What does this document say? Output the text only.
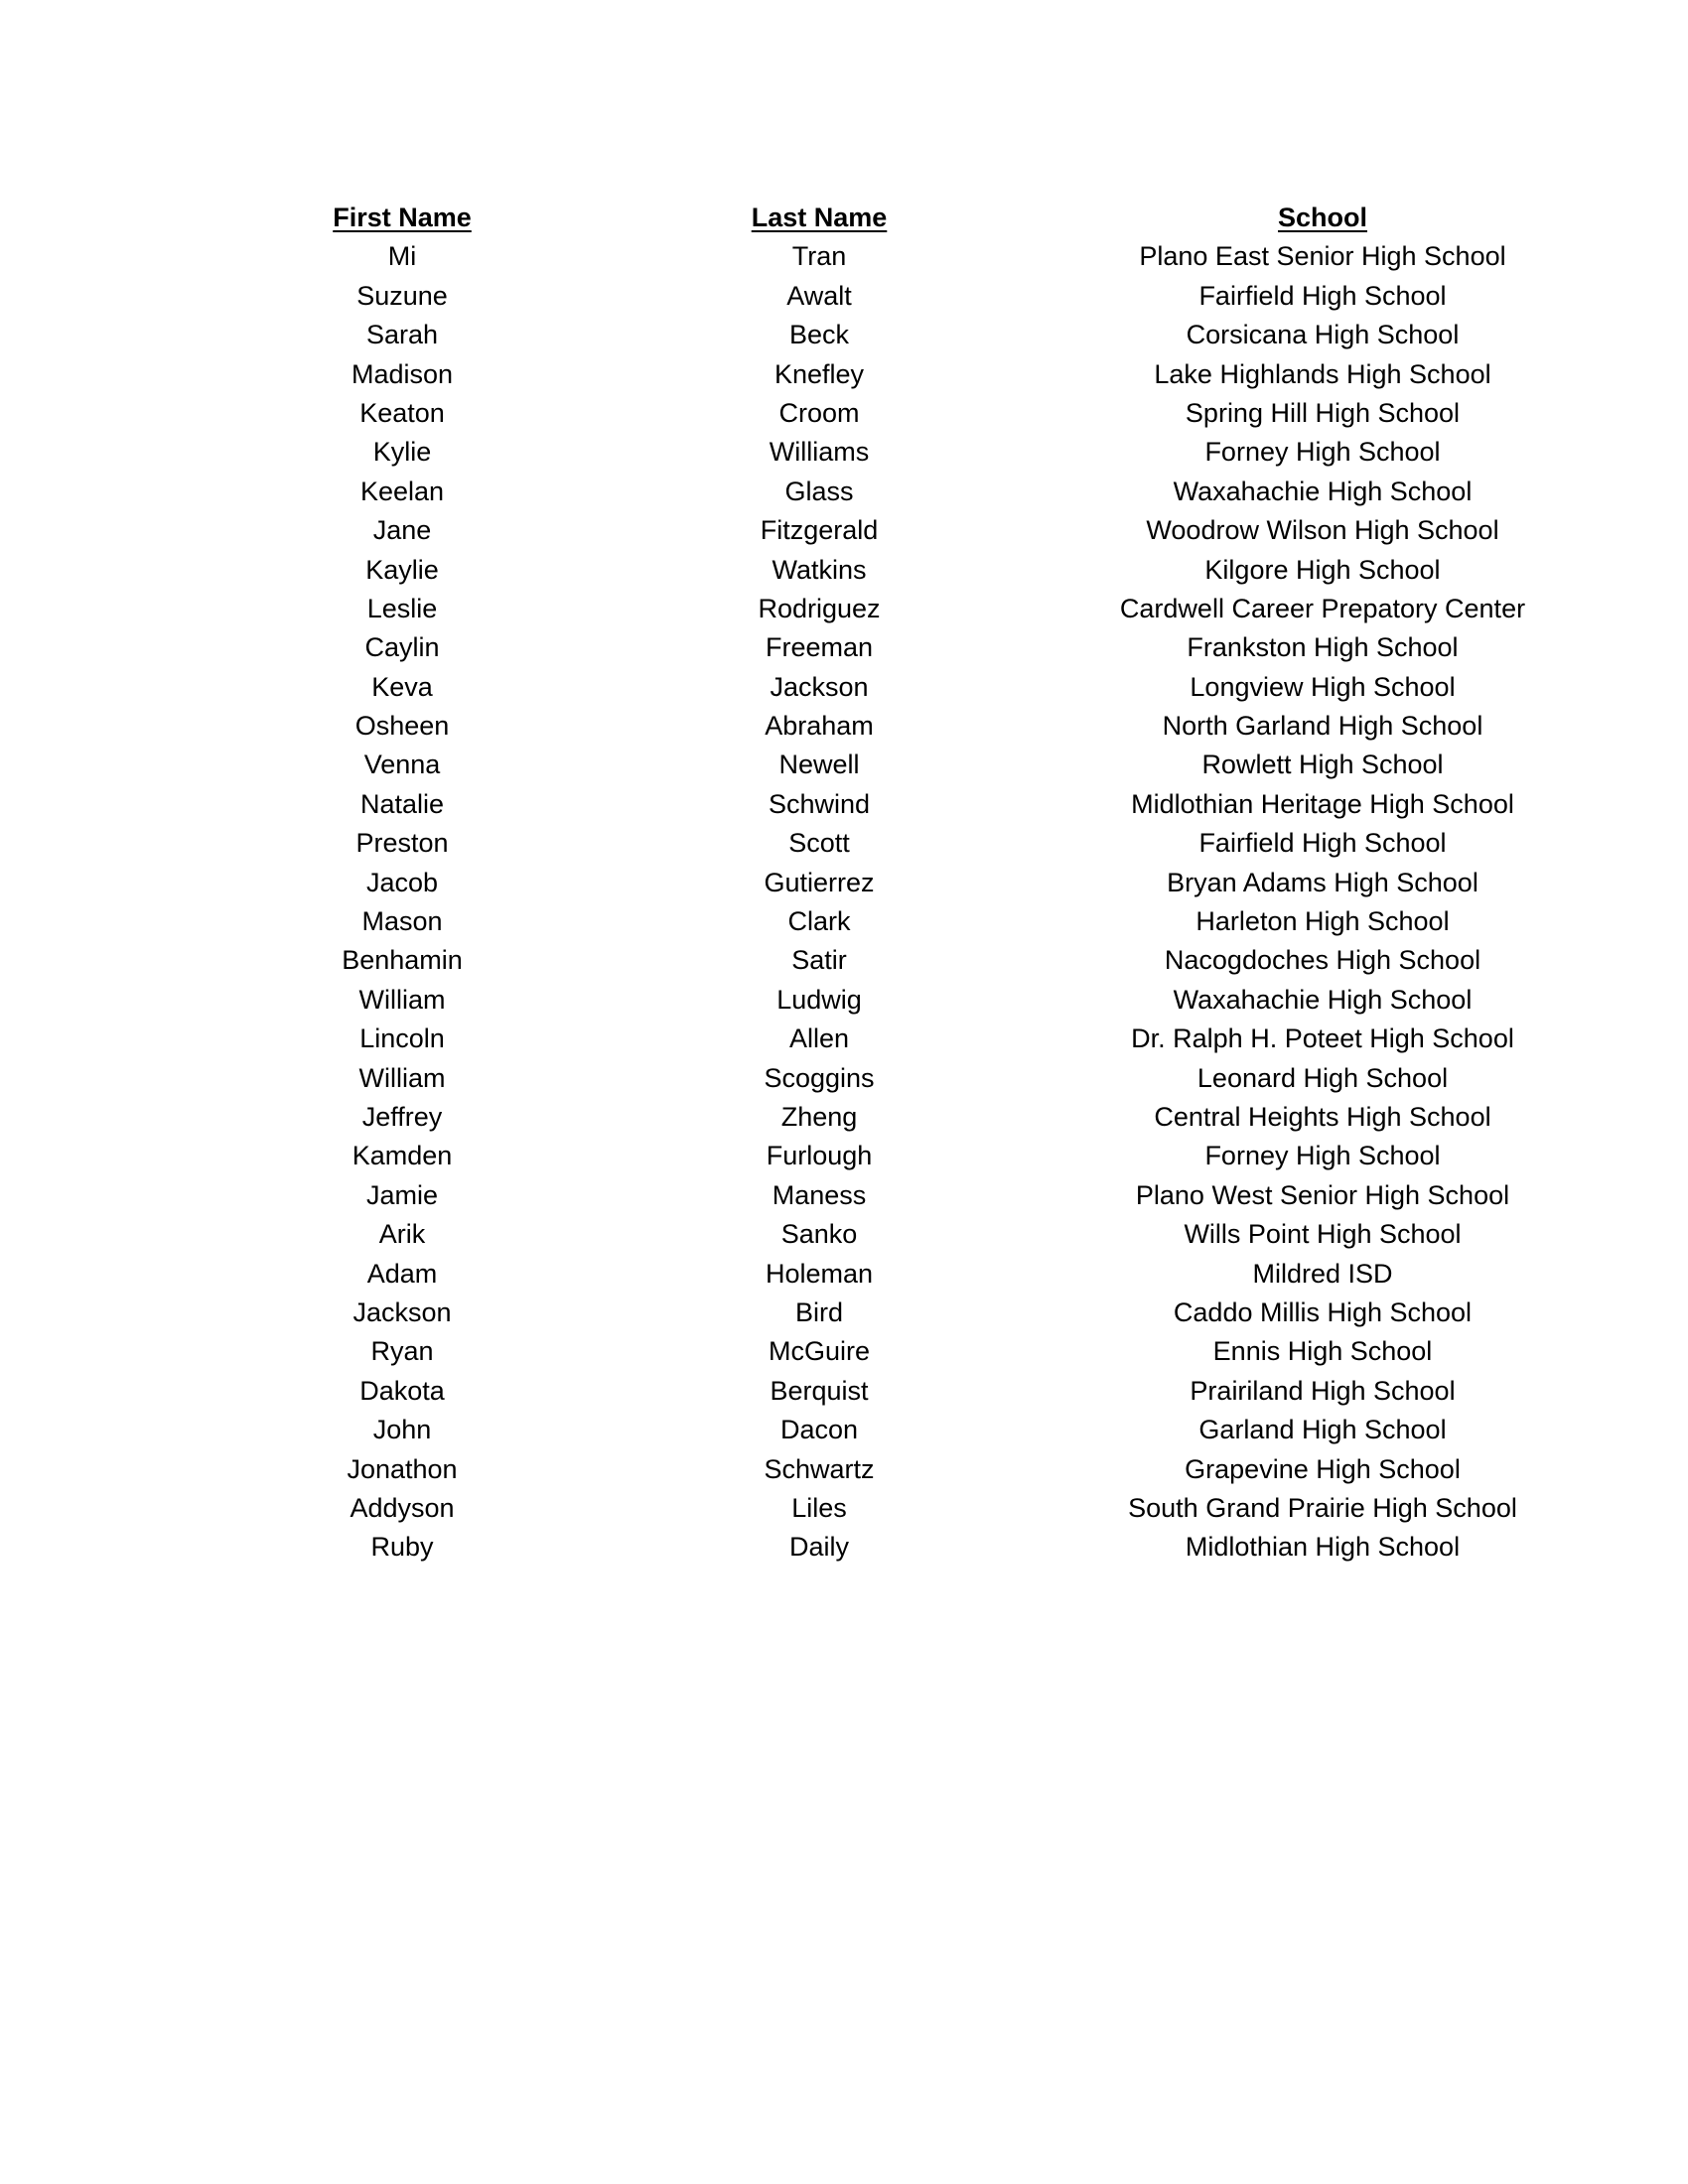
First Name	Last Name	School
Mi	Tran	Plano East Senior High School
Suzune	Awalt	Fairfield High School
Sarah	Beck	Corsicana High School
Madison	Knefley	Lake Highlands High School
Keaton	Croom	Spring Hill High School
Kylie	Williams	Forney High School
Keelan	Glass	Waxahachie High School
Jane	Fitzgerald	Woodrow Wilson High School
Kaylie	Watkins	Kilgore High School
Leslie	Rodriguez	Cardwell Career Prepatory Center
Caylin	Freeman	Frankston High School
Keva	Jackson	Longview High School
Osheen	Abraham	North Garland High School
Venna	Newell	Rowlett High School
Natalie	Schwind	Midlothian Heritage High School
Preston	Scott	Fairfield High School
Jacob	Gutierrez	Bryan Adams High School
Mason	Clark	Harleton High School
Benhamin	Satir	Nacogdoches High School
William	Ludwig	Waxahachie High School
Lincoln	Allen	Dr. Ralph H. Poteet High School
William	Scoggins	Leonard High School
Jeffrey	Zheng	Central Heights High School
Kamden	Furlough	Forney High School
Jamie	Maness	Plano West Senior High School
Arik	Sanko	Wills Point High School
Adam	Holeman	Mildred ISD
Jackson	Bird	Caddo Millis High School
Ryan	McGuire	Ennis High School
Dakota	Berquist	Prairiland High School
John	Dacon	Garland High School
Jonathon	Schwartz	Grapevine High School
Addyson	Liles	South Grand Prairie High School
Ruby	Daily	Midlothian High School
